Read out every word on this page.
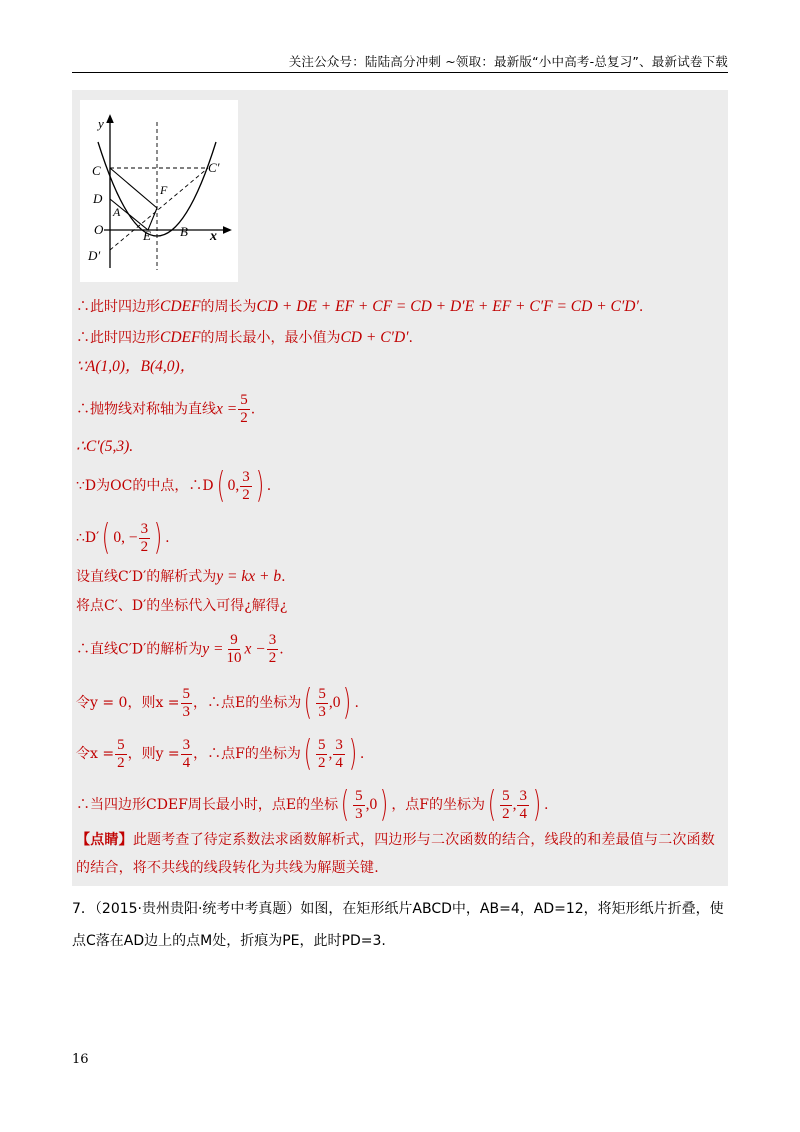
关注公众号：陆陆高分冲刺 ~领取：最新版“小中高考-总复习”、最新试卷下载
y
x
C	C′
D
A
F
O	E B
D′
∴此时四边形CDEF的周长为CD + DE + EF + CF = CD + D′E + EF + C′F = CD + C′D′.
∴此时四边形CDEF的周长最小，最小值为CD + C′D′.
∵A(1,0)，B(4,0)，
∴抛物线对称轴为直线$x = \frac{5}{2}$ .
∴C′(5,3).
∵D为OC的中点，∴D( 0, $\frac{3}{2}$ ) .
∴D′( 0, − $\frac{3}{2}$ ) .
设直线C′D′的解析式为y = kx + b.
将点C′、D′的坐标代入可得¿解得¿
∴直线C′D′的解析为$y = \frac{9}{10}$ $x - \frac{3}{2}$ .
令y = 0，则$x = \frac{5}{3}$ ，∴点E的坐标为( $\frac{5}{3} ,0$) .
令$x = \frac{5}{2}$ ，则$y = \frac{3}{4}$ ，∴点F的坐标为( $\frac{5}{2}$ , $\frac{3}{4}$ ) .
∴当四边形CDEF周长最小时，点E的坐标( $\frac{5}{3} ,0$) ，点F的坐标为( $\frac{5}{2}$ , $\frac{3}{4}$ ) .
【点睛】此题考查了待定系数法求函数解析式，四边形与二次函数的结合，线段的和差最值与二次函数的结合，将不共线的线段转化为共线为解题关键.
7．（2015·贵州贵阳·统考中考真题）如图，在矩形纸片ABCD中，AB=4，AD=12，将矩形纸片折叠，使点C落在AD边上的点M处，折痕为PE，此时PD=3.
16
